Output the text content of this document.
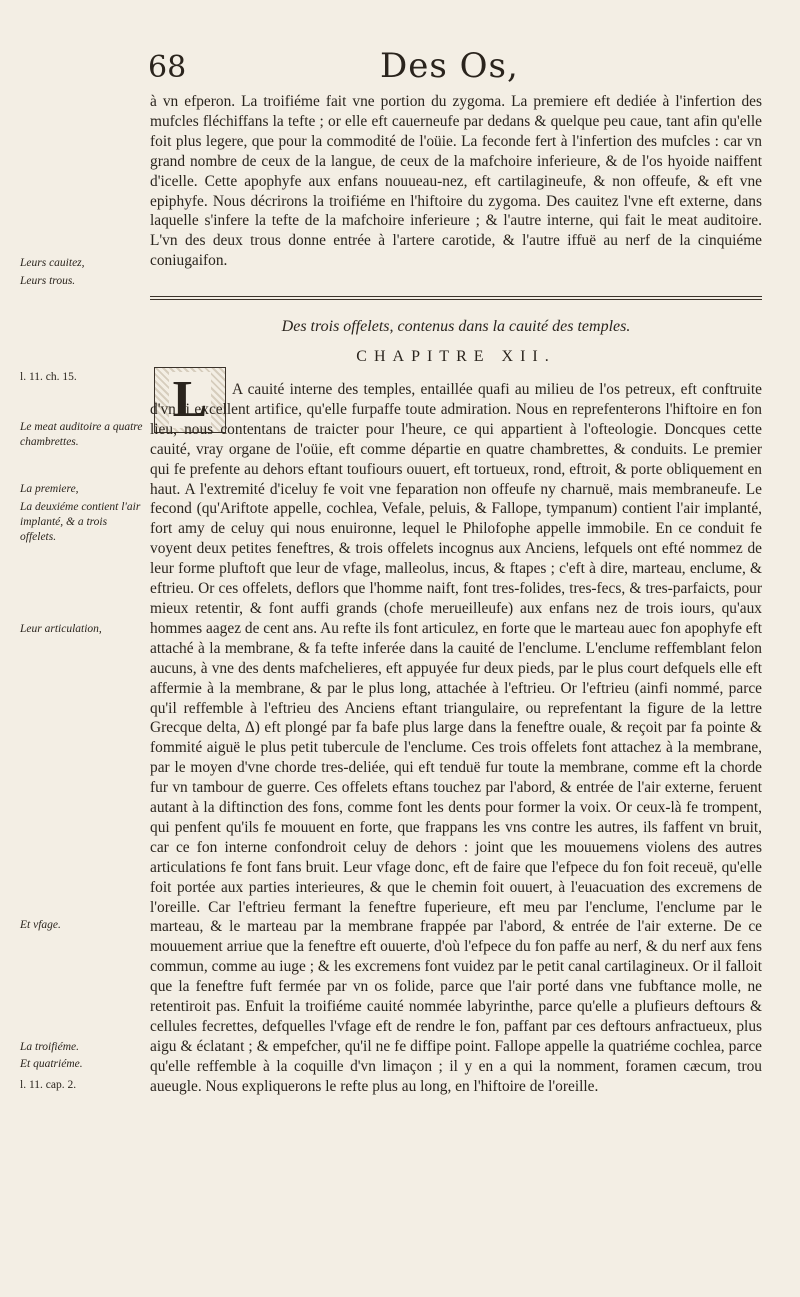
68	Des Os,

à vn efperon. La troifiéme fait vne portion du zygoma. La premiere eft dediée à l'infertion des mufcles fléchiffans la tefte ; or elle eft cauerneufe par dedans & quelque peu caue, tant afin qu'elle foit plus legere, que pour la commodité de l'oüie. La feconde fert à l'infertion des mufcles : car vn grand nombre de ceux de la langue, de ceux de la mafchoire inferieure, & de l'os hyoide naiffent d'icelle. Cette apophyfe aux enfans nouueau-nez, eft cartilagineufe, & non offeufe, & eft vne epiphyfe. Nous décrirons la troifiéme en l'hiftoire du zygoma. Des cauitez l'vne eft externe, dans laquelle s'infere la tefte de la mafchoire inferieure ; & l'autre interne, qui fait le meat auditoire. L'vn des deux trous donne entrée à l'artere carotide, & l'autre iffuë au nerf de la cinquiéme coniugaifon.

Des trois offelets, contenus dans la cauité des temples.
CHAPITRE XII.
L	A cauité interne des temples, entaillée quafi au milieu de l'os petreux, eft conftruite d'vn fi excellent artifice, qu'elle furpaffe toute admiration. Nous en reprefenterons l'hiftoire en fon lieu, nous contentans de traicter pour l'heure, ce qui appartient à l'ofteologie. Doncques cette cauité, vray organe de l'oüie, eft comme départie en quatre chambrettes, & conduits. Le premier qui fe prefente au dehors eftant toufiours ouuert, eft tortueux, rond, eftroit, & porte obliquement en haut. A l'extremité d'iceluy fe voit vne feparation non offeufe ny charnuë, mais membraneufe. Le fecond (qu'Ariftote appelle, cochlea, Vefale, peluis, & Fallope, tympanum) contient l'air implanté, fort amy de celuy qui nous enuironne, lequel le Philofophe appelle immobile. En ce conduit fe voyent deux petites feneftres, & trois offelets incognus aux Anciens, lefquels ont efté nommez de leur forme pluftoft que leur de vfage, malleolus, incus, & ftapes ; c'eft à dire, marteau, enclume, & eftrieu. Or ces offelets, deflors que l'homme naift, font tres-folides, tres-fecs, & tres-parfaicts, pour mieux retentir, & font auffi grands (chofe merueilleufe) aux enfans nez de trois iours, qu'aux hommes aagez de cent ans. Au refte ils font articulez, en forte que le marteau auec fon apophyfe eft attaché à la membrane, & fa tefte inferée dans la cauité de l'enclume. L'enclume reffemblant felon aucuns, à vne des dents mafchelieres, eft appuyée fur deux pieds, par le plus court defquels elle eft affermie à la membrane, & par le plus long, attachée à l'eftrieu. Or l'eftrieu (ainfi nommé, parce qu'il reffemble à l'eftrieu des Anciens eftant triangulaire, ou reprefentant la figure de la lettre Grecque delta, Δ) eft plongé par fa bafe plus large dans la feneftre ouale, & reçoit par fa pointe & fommité aiguë le plus petit tubercule de l'enclume. Ces trois offelets font attachez à la membrane, par le moyen d'vne chorde tres-deliée, qui eft tenduë fur toute la membrane, comme eft la chorde fur vn tambour de guerre. Ces offelets eftans touchez par l'abord, & entrée de l'air externe, feruent autant à la diftinction des fons, comme font les dents pour former la voix. Or ceux-là fe trompent, qui penfent qu'ils fe mouuent en forte, que frappans les vns contre les autres, ils faffent vn bruit, car ce fon interne confondroit celuy de dehors : joint que les mouuemens violens des autres articulations fe font fans bruit. Leur vfage donc, eft de faire que l'efpece du fon foit receuë, qu'elle foit portée aux parties interieures, & que le chemin foit ouuert, à l'euacuation des excremens de l'oreille. Car l'eftrieu fermant la feneftre fuperieure, eft meu par l'enclume, l'enclume par le marteau, & le marteau par la membrane frappée par l'abord, & entrée de l'air externe. De ce mouuement arriue que la feneftre eft ouuerte, d'où l'efpece du fon paffe au nerf, & du nerf aux fens commun, comme au iuge ; & les excremens font vuidez par le petit canal cartilagineux. Or il falloit que la feneftre fuft fermée par vn os folide, parce que l'air porté dans vne fubftance molle, ne retentiroit pas. Enfuit la troifiéme cauité nommée labyrinthe, parce qu'elle a plufieurs deftours & cellules fecrettes, defquelles l'vfage eft de rendre le fon, paffant par ces deftours anfractueux, plus aigu & éclatant ; & empefcher, qu'il ne fe diffipe point. Fallope appelle la quatriéme cochlea, parce qu'elle reffemble à la coquille d'vn limaçon ; il y en a qui la nomment, foramen cæcum, trou aueugle. Nous expliquerons le refte plus au long, en l'hiftoire de l'oreille.

Leurs cauitez,

Leurs trous.

l. 11. ch. 15.

Le meat auditoire a quatre chambrettes.

La premiere,

La deuxiéme contient l'air implanté, & a trois offelets.

Leur articulation,

Et vfage.

La troifiéme.

Et quatriéme.

l. 11. cap. 2.
